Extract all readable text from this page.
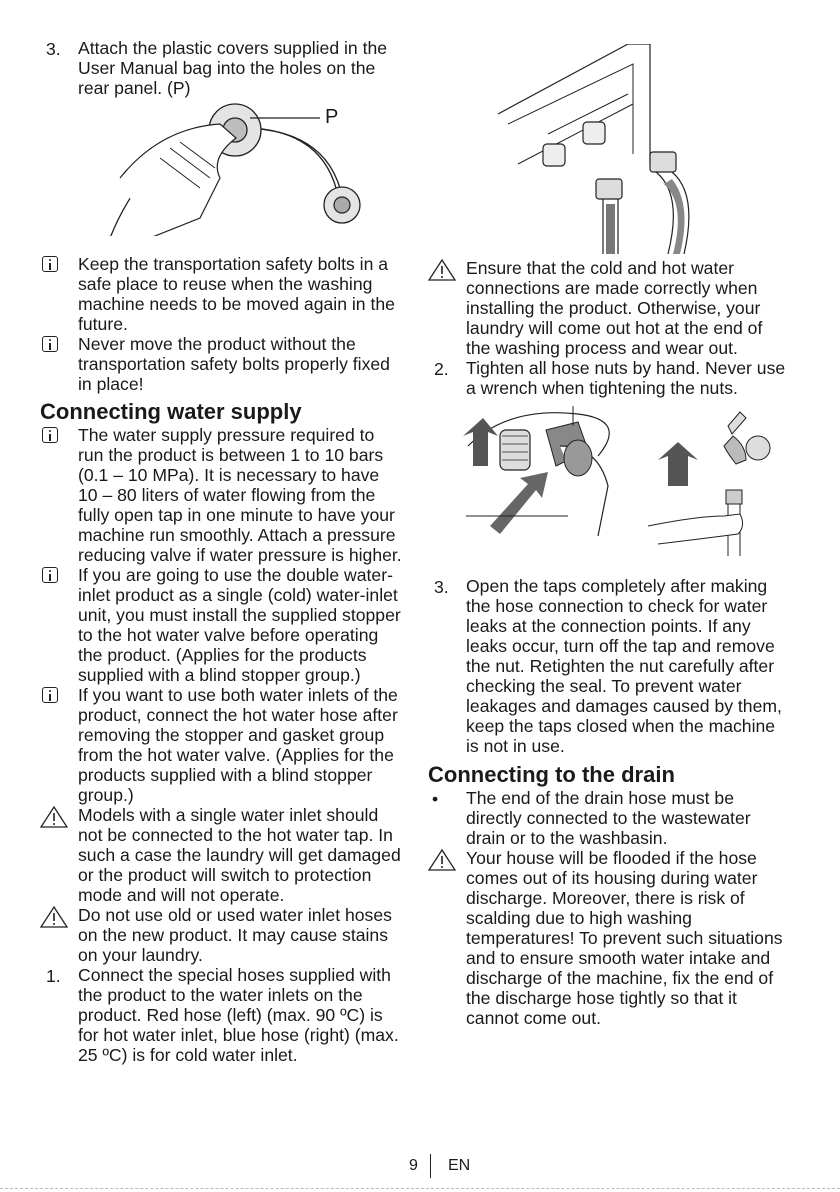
3. Attach the plastic covers supplied in the User Manual bag into the holes on the rear panel. (P)
P
Keep the transportation safety bolts in a safe place to reuse when the washing machine needs to be moved again in the future.
Never move the product without the transportation safety bolts properly fixed in place!
Connecting water supply
The water supply pressure required to run the product is between 1 to 10 bars (0.1 – 10 MPa). It is necessary to have 10 – 80 liters of water flowing from the fully open tap in one minute to have your machine run smoothly. Attach a pressure reducing valve if water pressure is higher.
If you are going to use the double water-inlet product as a single (cold) water-inlet unit, you must install the supplied stopper to the hot water valve before operating the product. (Applies for the products supplied with a blind stopper group.)
If you want to use both water inlets of the product, connect the hot water hose after removing the stopper and gasket group from the hot water valve. (Applies for the products supplied with a blind stopper group.)
Models with a single water inlet should not be connected to the hot water tap. In such a case the laundry will get damaged or the product will switch to protection mode and will not operate.
Do not use old or used water inlet hoses on the new product. It may cause stains on your laundry.
1. Connect the special hoses supplied with the product to the water inlets on the product. Red hose (left) (max. 90 ºC) is for hot water inlet, blue hose (right) (max. 25 ºC) is for cold water inlet.
Ensure that the cold and hot water connections are made correctly when installing the product. Otherwise, your laundry will come out hot at the end of the washing process and wear out.
2. Tighten all hose nuts by hand. Never use a wrench when tightening the nuts.
3. Open the taps completely after making the hose connection to check for water leaks at the connection points. If any leaks occur, turn off the tap and remove the nut. Retighten the nut carefully after checking the seal. To prevent water leakages and damages caused by them, keep the taps closed when the machine is not in use.
Connecting to the drain
•	The end of the drain hose must be directly connected to the wastewater drain or to the washbasin.
Your house will be flooded if the hose comes out of its housing during water discharge. Moreover, there is risk of scalding due to high washing temperatures! To prevent such situations and to ensure smooth water intake and discharge of the machine, fix the end of the discharge hose tightly so that it cannot come out.
9 EN
